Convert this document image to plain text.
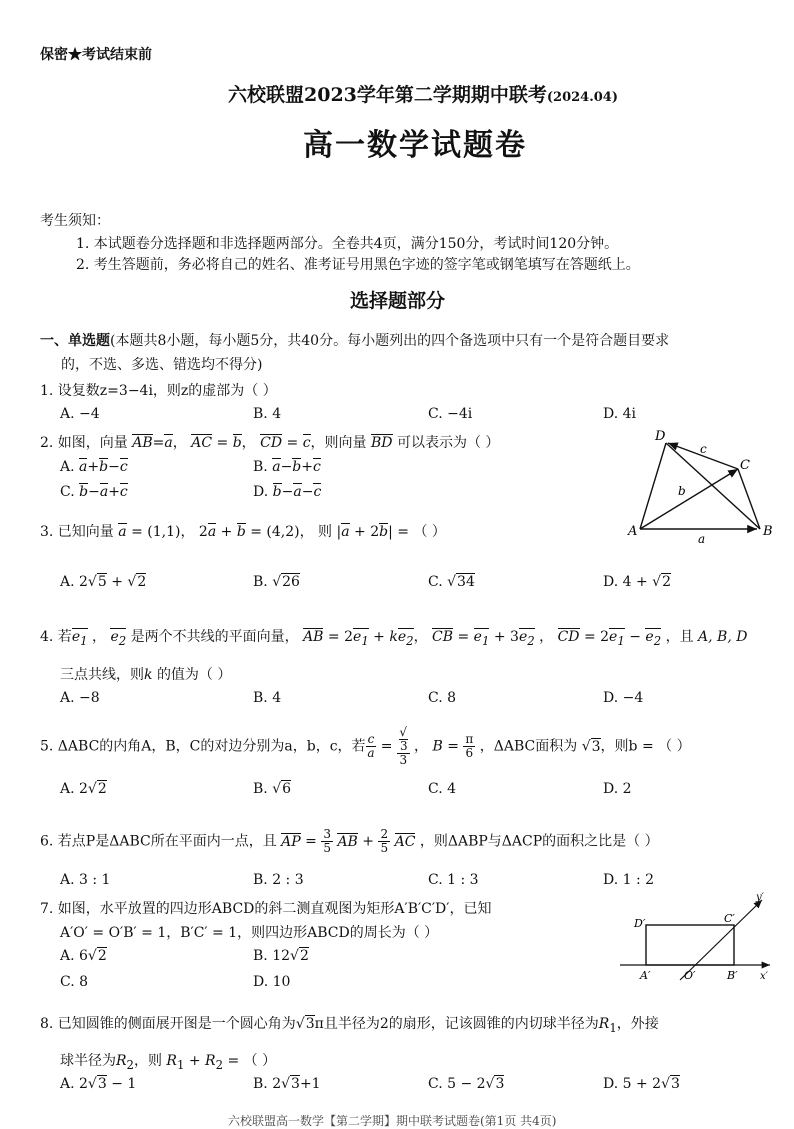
保密★考试结束前
六校联盟2023学年第二学期期中联考(2024.04)
高一数学试题卷
考生须知：
1. 本试题卷分选择题和非选择题两部分。全卷共4页，满分150分，考试时间120分钟。
2. 考生答题前，务必将自己的姓名、准考证号用黑色字迹的签字笔或钢笔填写在答题纸上。
选择题部分
一、单选题(本题共8小题，每小题5分，共40分。每小题列出的四个备选项中只有一个是符合题目要求
的，不选、多选、错选均不得分)
1. 设复数z=3−4i，则z的虚部为（ ）
A. −4	B. 4	C. −4i	D. 4i
2. 如图，向量 AB=a， AC = b， CD = c，则向量 BD 可以表示为（ ）
A. a+b−c	B. a−b+c
C. b−a+c	D. b−a−c
A	B
C
D
a
b
c
3. 已知向量 a = (1,1)， 2a + b = (4,2)， 则 |a + 2b| = （ ）
A. 2√5 + √2	B. √26	C. √34	D. 4 + √2
4. 若$e_1$ ， $e_2$ 是两个不共线的平面向量， AB = $2e_1 + ke_2$， CB = $e_1 + 3e_2$ ， CD = $2e_1 - e_2$ ，且 A, B, D
三点共线，则k 的值为（ ）
A. −8	B. 4	C. 8	D. −4
5. ΔABC的内角A，B，C的对边分别为a，b，c，若 $\frac{c}{a}$ = √
3
3 ， $B = \frac{\pi}{6}$ ，ΔABC面积为 √3，则b = （ ）
A. 2√2	B. √6	C. 4	D. 2
6. 若点P是ΔABC所在平面内一点，且 AP = $\frac{3}{5}$ AB + $\frac{2}{5}$ AC ，则ΔABP与ΔACP的面积之比是（ ）
A. 3 : 1	B. 2 : 3	C. 1 : 3	D. 1 : 2
7. 如图，水平放置的四边形ABCD的斜二测直观图为矩形A′B′C′D′，已知
A′O′ = O′B′ = 1，B′C′ = 1，则四边形ABCD的周长为（ ）
A. 6√2	B. 12√2
C. 8	D. 10
D′	C′
A′	O′	B′ x′
y′
8. 已知圆锥的侧面展开图是一个圆心角为√3π且半径为2的扇形，记该圆锥的内切球半径为$R_1$，外接
球半径为$R_2$，则 $R_1 + R_2$ = （ ）
A. 2√3 − 1	B. 2√3+1	C. 5 − 2√3	D. 5 + 2√3
六校联盟高一数学【第二学期】期中联考试题卷(第1页 共4页)
